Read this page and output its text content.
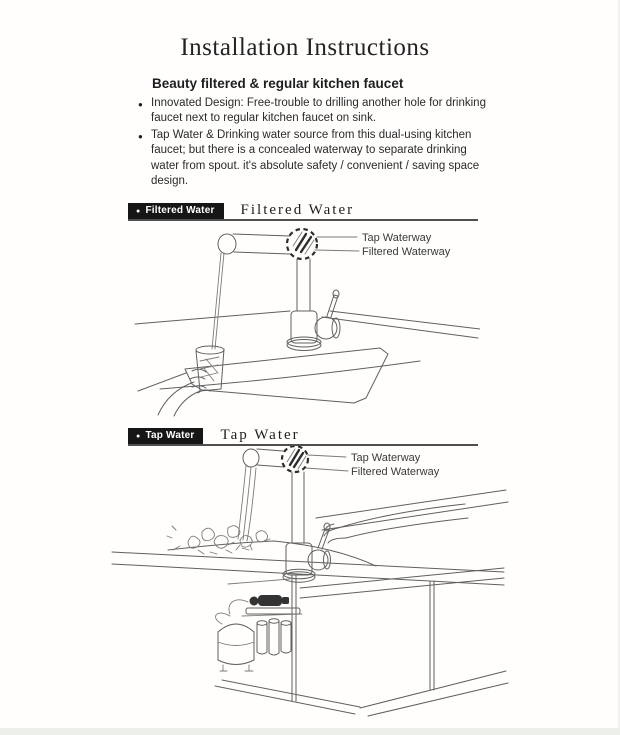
Installation Instructions
Beauty filtered & regular kitchen faucet
● Innovated Design: Free-trouble to drilling another hole for drinking faucet next to regular kitchen faucet on sink.
● Tap Water & Drinking water source from this dual-using kitchen faucet; but there is a concealed waterway to separate drinking water from spout. it's absolute safety / convenient / saving space design.
● Filtered Water Filtered Water
Tap Waterway
Filtered Waterway
● Tap Water Tap Water
Tap Waterway
Filtered Waterway
